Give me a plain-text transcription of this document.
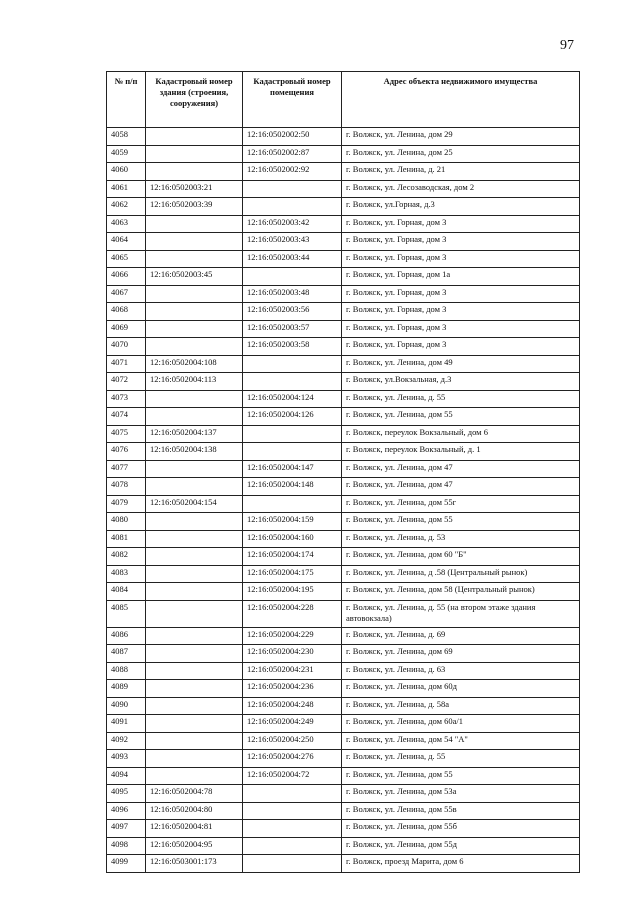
97
№ п/п	Кадастровый номер здания (строения, сооружения)	Кадастровый номер помещения	Адрес объекта недвижимого имущества
4058		12:16:0502002:50	г. Волжск, ул. Ленина, дом 29
4059		12:16:0502002:87	г. Волжск, ул. Ленина, дом 25
4060		12:16:0502002:92	г. Волжск, ул. Ленина, д. 21
4061	12:16:0502003:21		г. Волжск, ул. Лесозаводская, дом 2
4062	12:16:0502003:39		г. Волжск, ул.Горная, д.3
4063		12:16:0502003:42	г. Волжск, ул. Горная, дом 3
4064		12:16:0502003:43	г. Волжск, ул. Горная, дом 3
4065		12:16:0502003:44	г. Волжск, ул. Горная, дом 3
4066	12:16:0502003:45		г. Волжск, ул. Горная, дом 1а
4067		12:16:0502003:48	г. Волжск, ул. Горная, дом 3
4068		12:16:0502003:56	г. Волжск, ул. Горная, дом 3
4069		12:16:0502003:57	г. Волжск, ул. Горная, дом 3
4070		12:16:0502003:58	г. Волжск, ул. Горная, дом 3
4071	12:16:0502004:108		г. Волжск, ул. Ленина, дом 49
4072	12:16:0502004:113		г. Волжск, ул.Вокзальная, д.3
4073		12:16:0502004:124	г. Волжск, ул. Ленина, д. 55
4074		12:16:0502004:126	г. Волжск, ул. Ленина, дом 55
4075	12:16:0502004:137		г. Волжск, переулок Вокзальный, дом 6
4076	12:16:0502004:138		г. Волжск, переулок Вокзальный, д. 1
4077		12:16:0502004:147	г. Волжск, ул. Ленина, дом 47
4078		12:16:0502004:148	г. Волжск, ул. Ленина, дом 47
4079	12:16:0502004:154		г. Волжск, ул. Ленина, дом 55г
4080		12:16:0502004:159	г. Волжск, ул. Ленина, дом 55
4081		12:16:0502004:160	г. Волжск, ул. Ленина, д. 53
4082		12:16:0502004:174	г. Волжск, ул. Ленина, дом 60 "Б"
4083		12:16:0502004:175	г. Волжск, ул. Ленина, д .58 (Центральный рынок)
4084		12:16:0502004:195	г. Волжск, ул. Ленина, дом 58 (Центральный рынок)
4085		12:16:0502004:228	г. Волжск, ул. Ленина, д. 55 (на втором этаже здания автовокзала)
4086		12:16:0502004:229	г. Волжск, ул. Ленина, д. 69
4087		12:16:0502004:230	г. Волжск, ул. Ленина, дом 69
4088		12:16:0502004:231	г. Волжск, ул. Ленина, д. 63
4089		12:16:0502004:236	г. Волжск, ул. Ленина, дом 60д
4090		12:16:0502004:248	г. Волжск, ул. Ленина, д. 58а
4091		12:16:0502004:249	г. Волжск, ул. Ленина, дом 60а/1
4092		12:16:0502004:250	г. Волжск, ул. Ленина, дом 54 "А"
4093		12:16:0502004:276	г. Волжск, ул. Ленина, д. 55
4094		12:16:0502004:72	г. Волжск, ул. Ленина, дом 55
4095	12:16:0502004:78		г. Волжск, ул. Ленина, дом 53а
4096	12:16:0502004:80		г. Волжск, ул. Ленина, дом 55в
4097	12:16:0502004:81		г. Волжск, ул. Ленина, дом 55б
4098	12:16:0502004:95		г. Волжск, ул. Ленина, дом 55д
4099	12:16:0503001:173		г. Волжск, проезд Марита, дом 6
